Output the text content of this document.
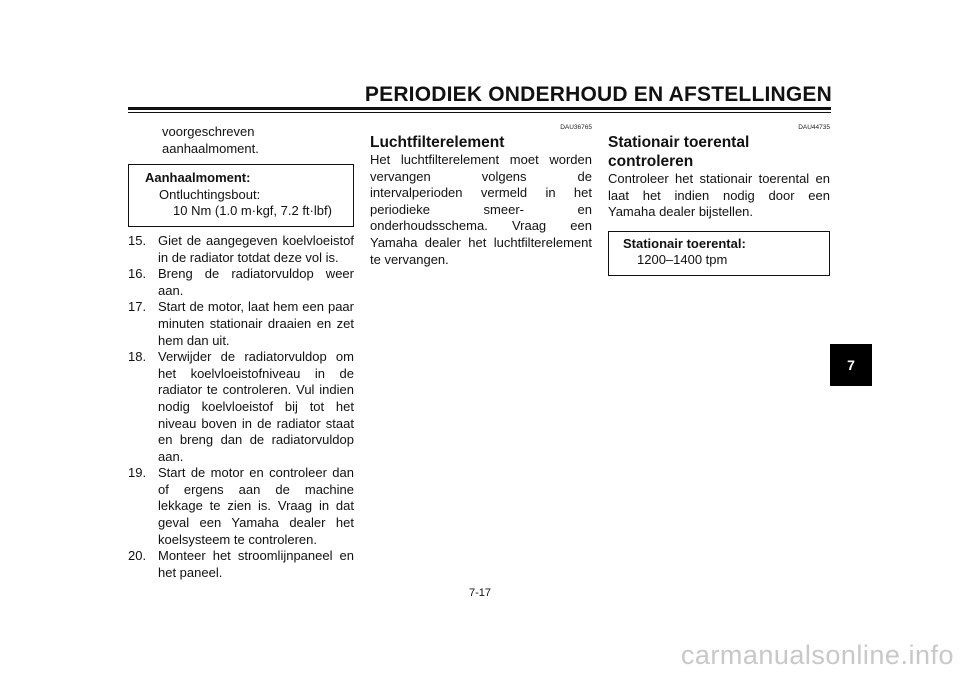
PERIODIEK ONDERHOUD EN AFSTELLINGEN
voorgeschreven aanhaalmoment.
Aanhaalmoment:
Ontluchtingsbout:
10 Nm (1.0 m·kgf, 7.2 ft·lbf)
15. Giet de aangegeven koelvloeistof in de radiator totdat deze vol is.
16. Breng de radiatorvuldop weer aan.
17. Start de motor, laat hem een paar minuten stationair draaien en zet hem dan uit.
18. Verwijder de radiatorvuldop om het koelvloeistofniveau in de radiator te controleren. Vul indien nodig koelvloeistof bij tot het niveau boven in de radiator staat en breng dan de radiatorvuldop aan.
19. Start de motor en controleer dan of ergens aan de machine lekkage te zien is. Vraag in dat geval een Yamaha dealer het koelsysteem te controleren.
20. Monteer het stroomlijnpaneel en het paneel.
DAU36765
Luchtfilterelement
Het luchtfilterelement moet worden vervangen volgens de intervalperioden vermeld in het periodieke smeer- en onderhoudsschema. Vraag een Yamaha dealer het luchtfilterelement te vervangen.
DAU44735
Stationair toerental controleren
Controleer het stationair toerental en laat het indien nodig door een Yamaha dealer bijstellen.
Stationair toerental:
1200–1400 tpm
7
7-17
carmanualsonline.info
